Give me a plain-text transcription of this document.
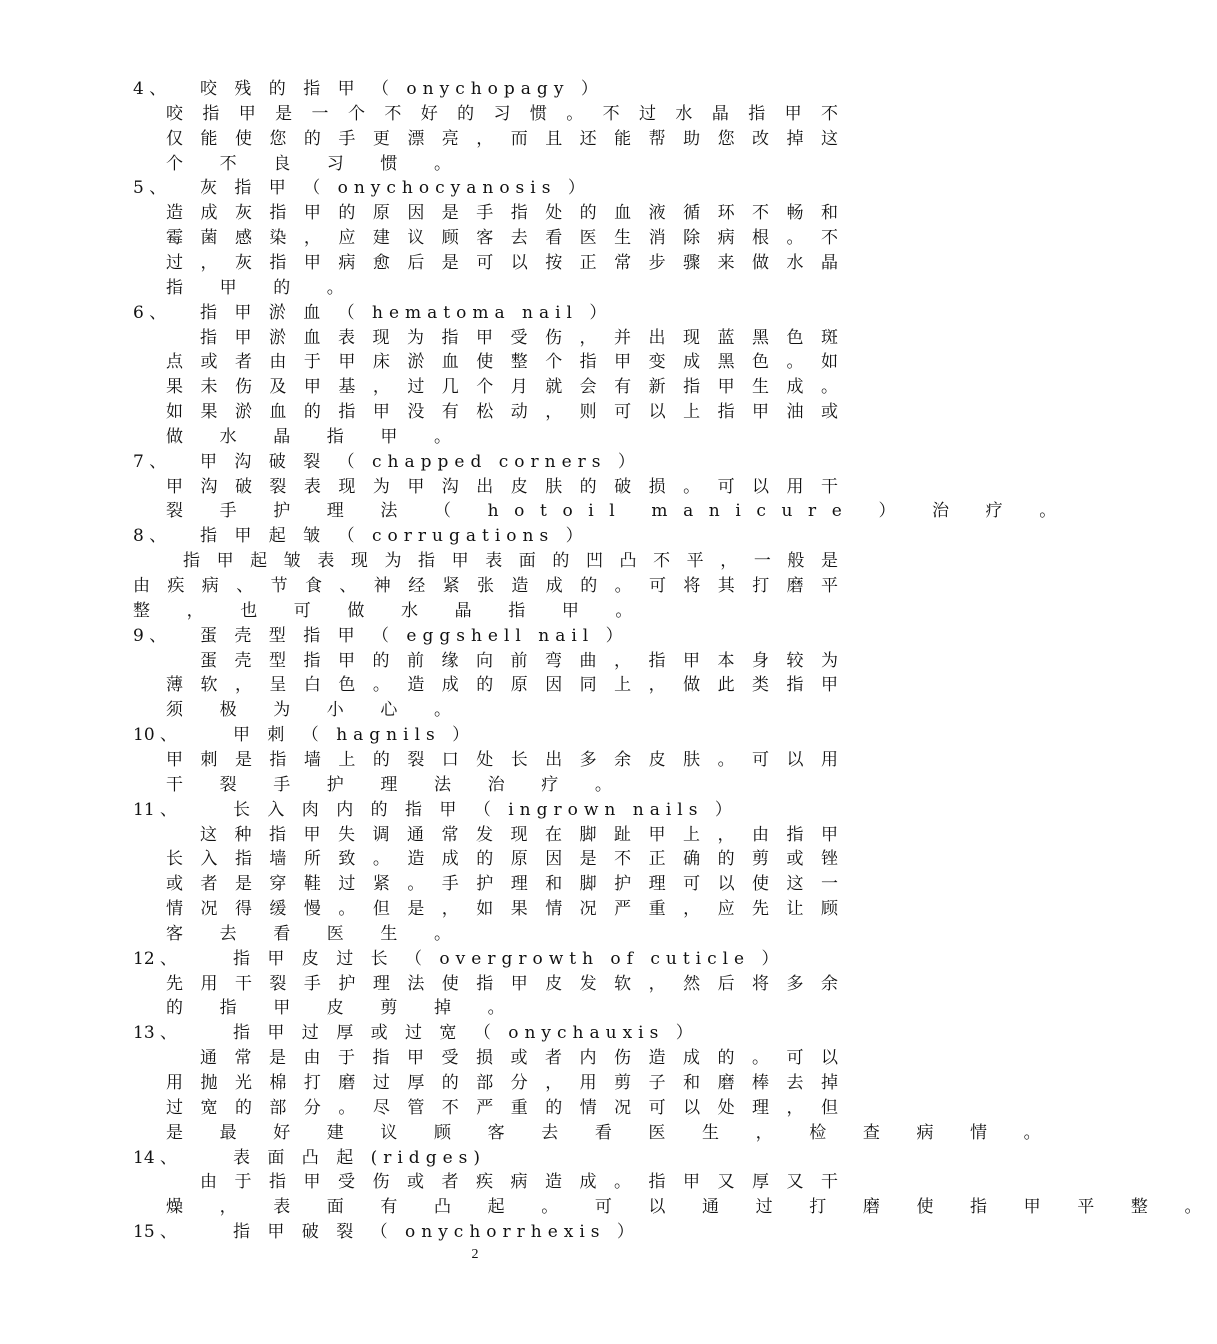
4 、 咬 残 的 指 甲 （ onychopagy ）
咬 指 甲 是 一 个 不 好 的 习 惯 。 不 过 水 晶 指 甲 不
仅 能 使 您 的 手 更 漂 亮 ， 而 且 还 能 帮 助 您 改 掉 这
个 不 良 习 惯 。
5 、 灰 指 甲 （ onychocyanosis ）
造 成 灰 指 甲 的 原 因 是 手 指 处 的 血 液 循 环 不 畅 和
霉 菌 感 染 ， 应 建 议 顾 客 去 看 医 生 消 除 病 根 。 不
过 ， 灰 指 甲 病 愈 后 是 可 以 按 正 常 步 骤 来 做 水 晶
指 甲 的 。
6 、 指 甲 淤 血 （ hematoma nail ）
指 甲 淤 血 表 现 为 指 甲 受 伤 ， 并 出 现 蓝 黑 色 斑
点 或 者 由 于 甲 床 淤 血 使 整 个 指 甲 变 成 黑 色 。 如
果 未 伤 及 甲 基 ， 过 几 个 月 就 会 有 新 指 甲 生 成 。
如 果 淤 血 的 指 甲 没 有 松 动 ， 则 可 以 上 指 甲 油 或
做 水 晶 指 甲 。
7 、 甲 沟 破 裂 （ chapped corners ）
甲 沟 破 裂 表 现 为 甲 沟 出 皮 肤 的 破 损 。 可 以 用 干
裂 手 护 理 法 （ hotoil manicure ） 治 疗 。
8 、 指 甲 起 皱 （ corrugations ）
指 甲 起 皱 表 现 为 指 甲 表 面 的 凹 凸 不 平 ， 一 般 是
由 疾 病 、 节 食 、 神 经 紧 张 造 成 的 。 可 将 其 打 磨 平
整 ， 也 可 做 水 晶 指 甲 。
9 、 蛋 壳 型 指 甲 （ eggshell nail ）
蛋 壳 型 指 甲 的 前 缘 向 前 弯 曲 ， 指 甲 本 身 较 为
薄 软 ， 呈 白 色 。 造 成 的 原 因 同 上 ， 做 此 类 指 甲
须 极 为 小 心 。
10 、	甲 刺 （ hagnils ）
甲 刺 是 指 墙 上 的 裂 口 处 长 出 多 余 皮 肤 。 可 以 用
干 裂 手 护 理 法 治 疗 。
11 、	长 入 肉 内 的 指 甲 （ ingrown nails ）
这 种 指 甲 失 调 通 常 发 现 在 脚 趾 甲 上 ， 由 指 甲
长 入 指 墙 所 致 。 造 成 的 原 因 是 不 正 确 的 剪 或 锉
或 者 是 穿 鞋 过 紧 。 手 护 理 和 脚 护 理 可 以 使 这 一
情 况 得 缓 慢 。 但 是 ， 如 果 情 况 严 重 ， 应 先 让 顾
客 去 看 医 生 。
12 、	指 甲 皮 过 长 （ overgrowth of cuticle ）
先 用 干 裂 手 护 理 法 使 指 甲 皮 发 软 ， 然 后 将 多 余
的 指 甲 皮 剪 掉 。
13 、	指 甲 过 厚 或 过 宽 （ onychauxis ）
通 常 是 由 于 指 甲 受 损 或 者 内 伤 造 成 的 。 可 以
用 抛 光 棉 打 磨 过 厚 的 部 分 ， 用 剪 子 和 磨 棒 去 掉
过 宽 的 部 分 。 尽 管 不 严 重 的 情 况 可 以 处 理 ， 但
是 最 好 建 议 顾 客 去 看 医 生 ， 检 查 病 情 。
14 、	表 面 凸 起 (ridges)
由 于 指 甲 受 伤 或 者 疾 病 造 成 。 指 甲 又 厚 又 干
燥 ， 表 面 有 凸 起 。 可 以 通 过 打 磨 使 指 甲 平 整 。
15 、	指 甲 破 裂 （ onychorrhexis ）
2
